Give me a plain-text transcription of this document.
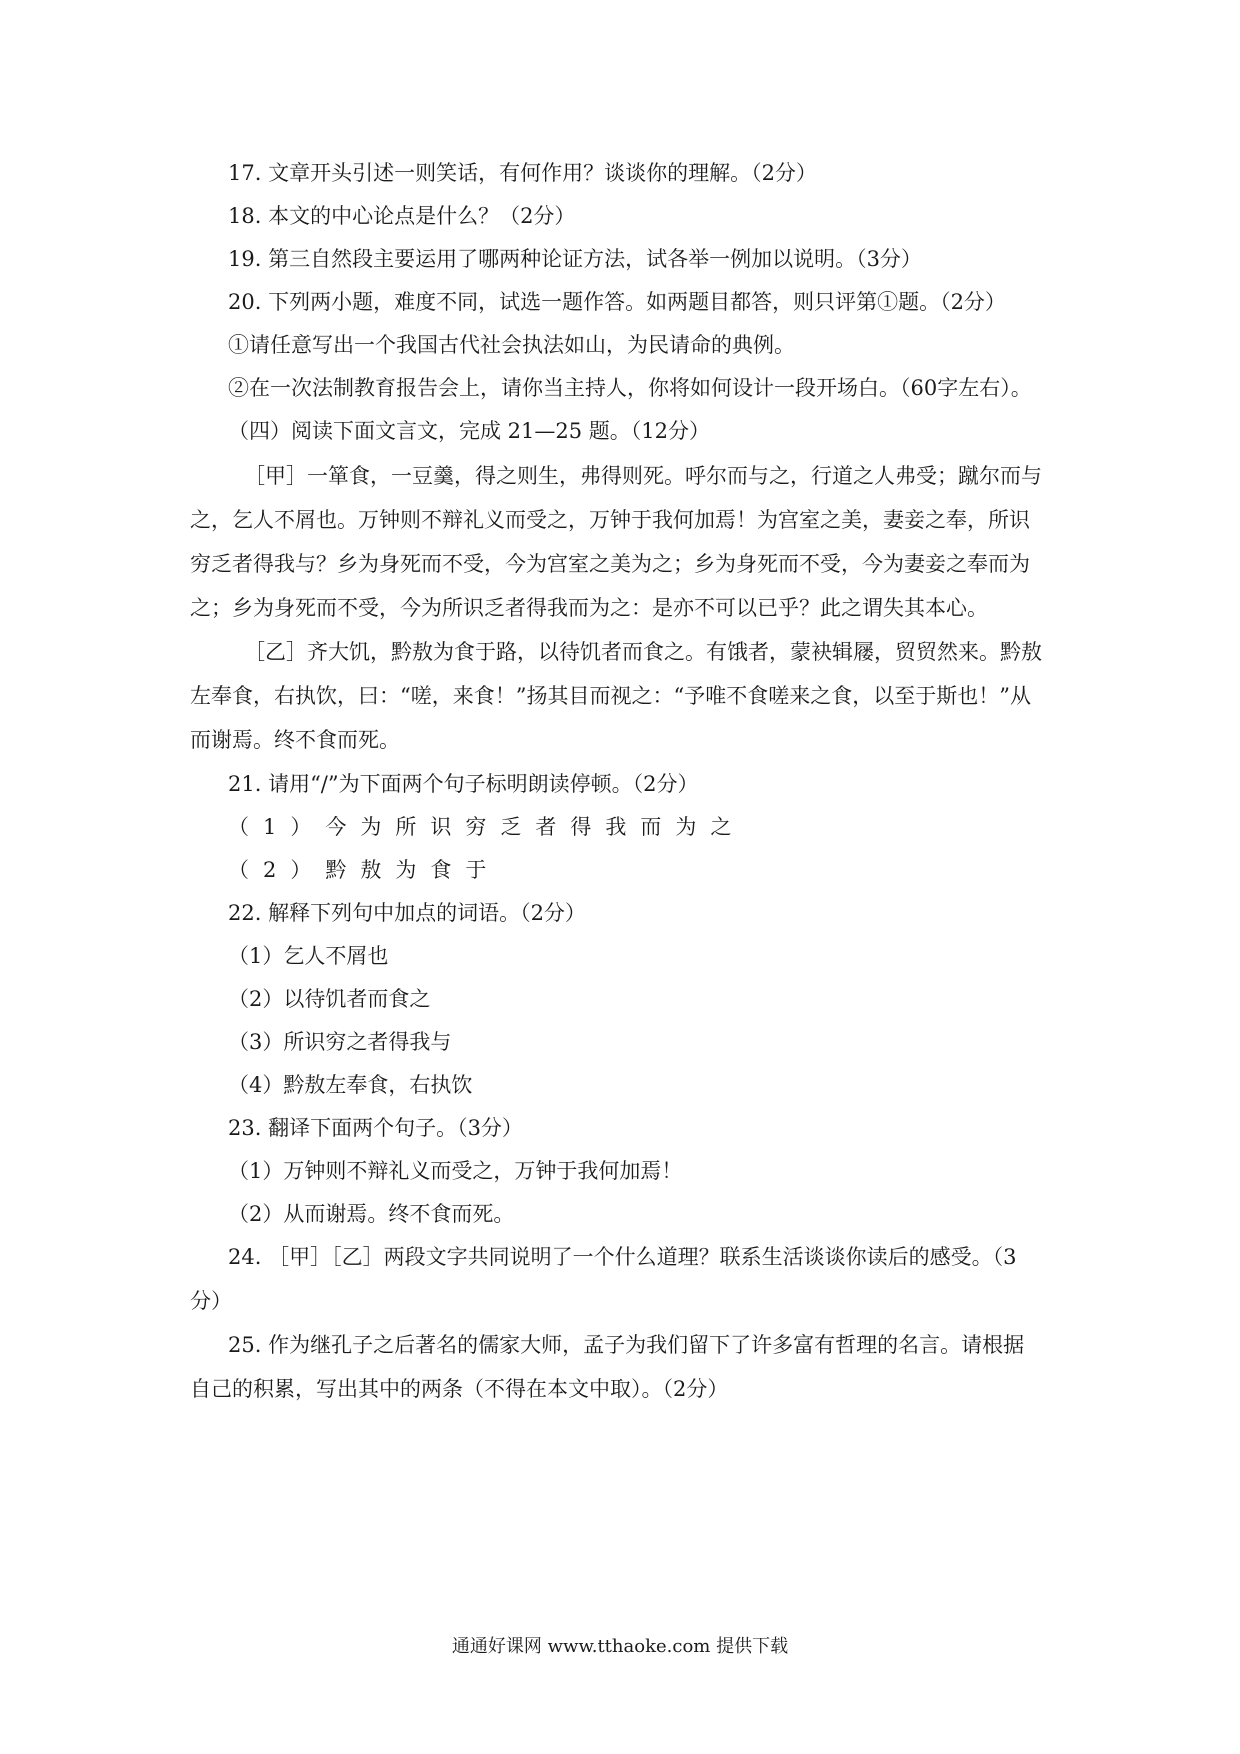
17. 文章开头引述一则笑话，有何作用？谈谈你的理解。（2分）
18. 本文的中心论点是什么？（2分）
19. 第三自然段主要运用了哪两种论证方法，试各举一例加以说明。（3分）
20. 下列两小题，难度不同，试选一题作答。如两题目都答，则只评第①题。（2分）
①请任意写出一个我国古代社会执法如山，为民请命的典例。
②在一次法制教育报告会上，请你当主持人，你将如何设计一段开场白。（60字左右）。
（四）阅读下面文言文，完成 21—25 题。（12分）
［甲］一箪食，一豆羹，得之则生，弗得则死。呼尔而与之，行道之人弗受；蹴尔而与
之，乞人不屑也。万钟则不辩礼义而受之，万钟于我何加焉！为宫室之美，妻妾之奉，所识
穷乏者得我与？乡为身死而不受，今为宫室之美为之；乡为身死而不受，今为妻妾之奉而为
之；乡为身死而不受，今为所识乏者得我而为之：是亦不可以已乎？此之谓失其本心。
［乙］齐大饥，黔敖为食于路，以待饥者而食之。有饿者，蒙袂辑屦，贸贸然来。黔敖
左奉食，右执饮，曰：“嗟，来食！”扬其目而视之：“予唯不食嗟来之食，以至于斯也！”从
而谢焉。终不食而死。
21. 请用“/”为下面两个句子标明朗读停顿。（2分）
（1）今为所识穷乏者得我而为之
（2）黔敖为食于
22. 解释下列句中加点的词语。（2分）
（1）乞人不屑也
（2）以待饥者而食之
（3）所识穷之者得我与
（4）黔敖左奉食，右执饮
23. 翻译下面两个句子。（3分）
（1）万钟则不辩礼义而受之，万钟于我何加焉！
（2）从而谢焉。终不食而死。
24. ［甲］［乙］两段文字共同说明了一个什么道理？联系生活谈谈你读后的感受。（3
分）
25. 作为继孔子之后著名的儒家大师，孟子为我们留下了许多富有哲理的名言。请根据
自己的积累，写出其中的两条（不得在本文中取）。（2分）
通通好课网 www.tthaoke.com 提供下载
